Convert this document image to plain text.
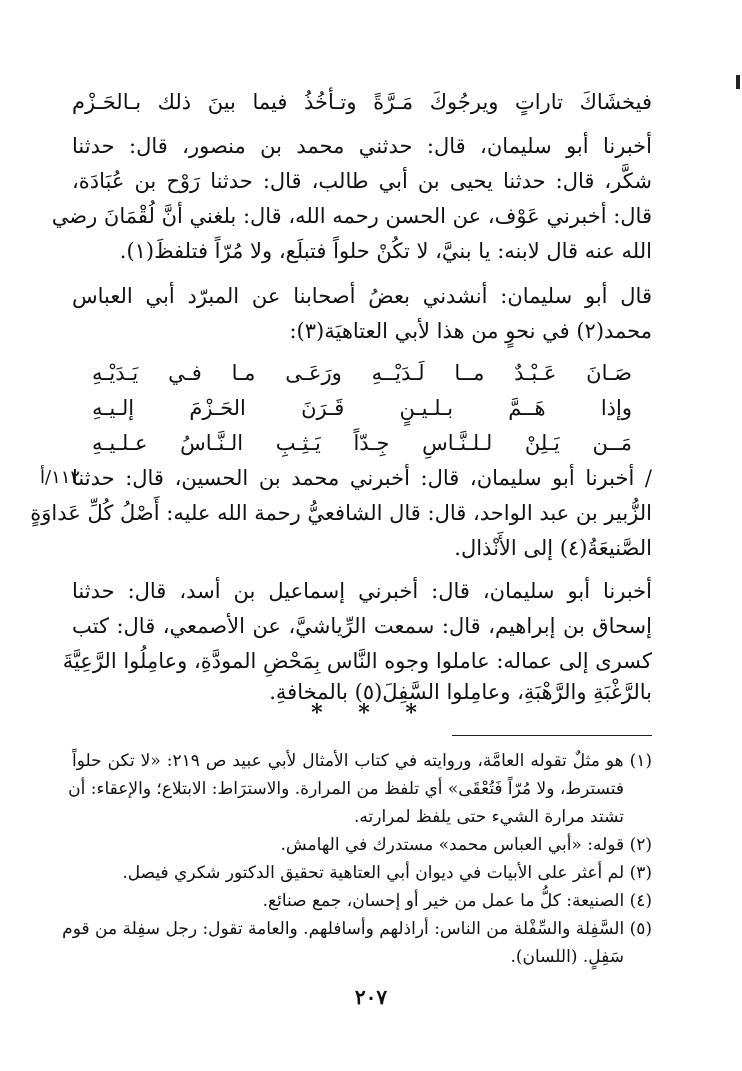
فيخشَاكَ تاراتٍ ويرجُوكَ مَـرَّةً وتـأخُذُ فيما بينَ ذلك بـالحَـزْم
أخبرنا أبو سليمان، قال: حدثني محمد بن منصور، قال: حدثنا
شكَّر، قال: حدثنا يحيى بن أبي طالب، قال: حدثنا رَوْح بن عُبَادَة،
قال: أخبرني عَوْف، عن الحسن رحمه الله، قال: بلغني أنَّ لُقْمَانَ رضي
الله عنه قال لابنه: يا بنيَّ، لا تكُنْ حلواً فتبلَع، ولا مُرّاً فتلفظَ(١).
قال أبو سليمان: أنشدني بعضُ أصحابنا عن المبرّد أبي العباس
محمد(٢) في نحوٍ من هذا لأبي العتاهيَة(٣):
صَـانَ عَـبْـدٌ مــا لَـدَيْــهِ ورَعَـى مـا فـي يَـدَيْـهِ
وإذا هَــمَّ بـلـيـنٍ قَـرَنَ الحَـزْمَ إلـيـهِ
مَــن يَـلِنْ لـلـنَّـاسِ جِـدّاً يَـثِـبِ الـنَّـاسُ عـلـيـهِ
١١٢/أ
/ أخبرنا أبو سليمان، قال: أخبرني محمد بن الحسين، قال: حدثنا
الزُّبير بن عبد الواحد، قال: قال الشافعيُّ رحمة الله عليه: أَصْلُ كُلِّ عَداوَةٍ
الصَّنيعَةُ(٤) إلى الأَنْذال.
أخبرنا أبو سليمان، قال: أخبرني إسماعيل بن أسد، قال: حدثنا
إسحاق بن إبراهيم، قال: سمعت الرِّياشيَّ، عن الأصمعي، قال: كتب
كسرى إلى عماله: عاملوا وجوه النَّاس بِمَحْضِ المودَّةِ، وعامِلُوا الرَّعِيَّةَ
بالرَّغْبَةِ والرَّهْبَةِ، وعامِلوا السَّفِلَ(٥) بالمخافةِ.
* * *
(١) هو مثلٌ تقوله العامَّة، وروايته في كتاب الأمثال لأبي عبيد ص ٢١٩: «لا تكن حلواً
فتسترط، ولا مُرّاً فَتُعْقَى» أي تلفظ من المرارة. والاسترَاط: الابتلاع؛ والإعقاء: أن
تشتد مرارة الشيء حتى يلفظ لمرارته.
(٢) قوله: «أبي العباس محمد» مستدرك في الهامش.
(٣) لم أعثر على الأبيات في ديوان أبي العتاهية تحقيق الدكتور شكري فيصل.
(٤) الصنيعة: كلُّ ما عمل من خير أو إحسان، جمع صنائع.
(٥) السَّفِلة والسِّفْلة من الناس: أراذلهم وأسافلهم. والعامة تقول: رجل سفِلة من قوم
سَفِلٍ. (اللسان).
٢٠٧
